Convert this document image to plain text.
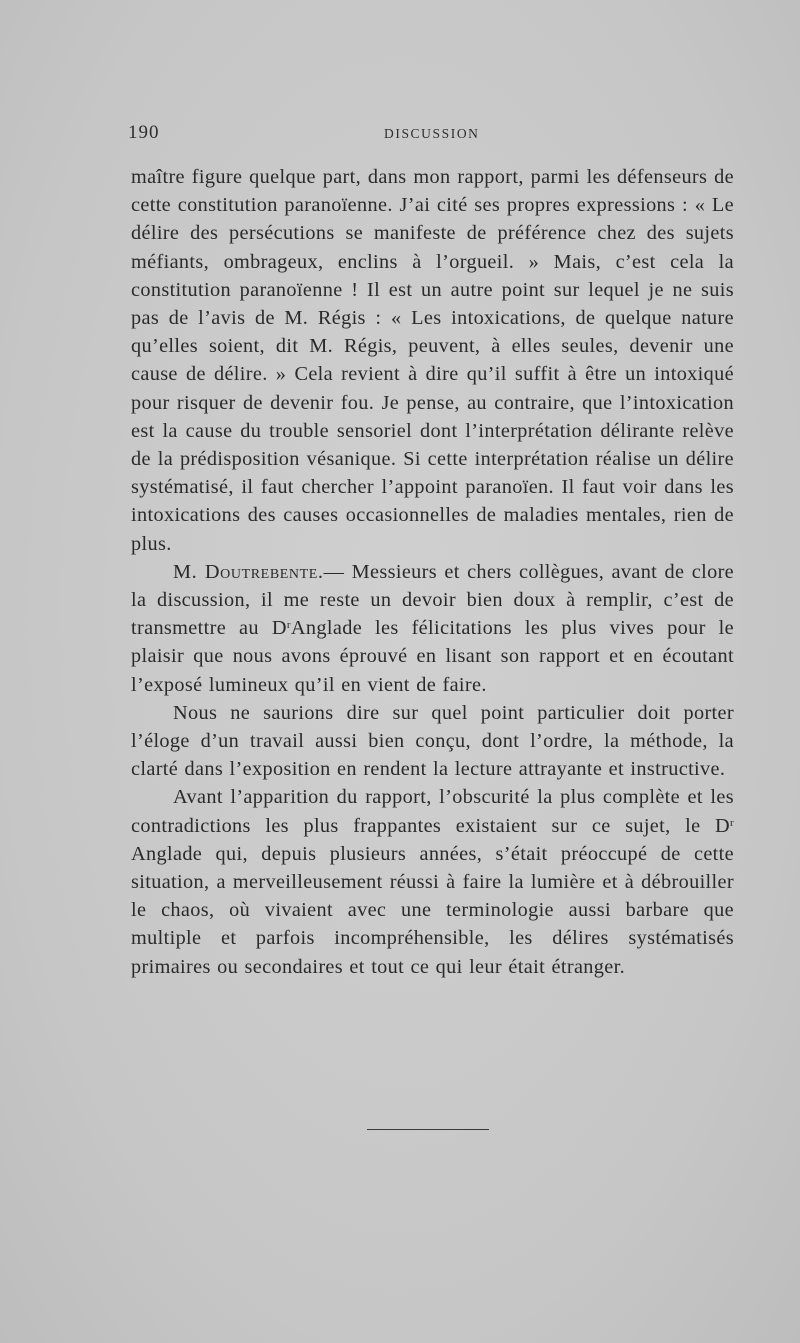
190	DISCUSSION

maître figure quelque part, dans mon rapport, parmi les défenseurs de cette constitution paranoïenne. J’ai cité ses propres expressions : « Le délire des persécutions se manifeste de préférence chez des sujets méfiants, ombrageux, enclins à l’orgueil. » Mais, c’est cela la constitution paranoïenne ! Il est un autre point sur lequel je ne suis pas de l’avis de M. Régis : « Les intoxications, de quelque nature qu’elles soient, dit M. Régis, peuvent, à elles seules, devenir une cause de délire. » Cela revient à dire qu’il suffit à être un intoxiqué pour risquer de devenir fou. Je pense, au contraire, que l’intoxication est la cause du trouble sensoriel dont l’interprétation délirante relève de la prédisposition vésanique. Si cette interprétation réalise un délire systématisé, il faut chercher l’appoint paranoïen. Il faut voir dans les intoxications des causes occasionnelles de maladies mentales, rien de plus.

M. Doutrebente.— Messieurs et chers collègues, avant de clore la discussion, il me reste un devoir bien doux à remplir, c’est de transmettre au $D^rAnglade$ les félicitations les plus vives pour le plaisir que nous avons éprouvé en lisant son rapport et en écoutant l’exposé lumineux qu’il en vient de faire.

Nous ne saurions dire sur quel point particulier doit porter l’éloge d’un travail aussi bien conçu, dont l’ordre, la méthode, la clarté dans l’exposition en rendent la lecture attrayante et instructive.

Avant l’apparition du rapport, l’obscurité la plus complète et les contradictions les plus frappantes existaient sur ce sujet, le $D^r$ Anglade qui, depuis plusieurs années, s’était préoccupé de cette situation, a merveilleusement réussi à faire la lumière et à débrouiller le chaos, où vivaient avec une terminologie aussi barbare que multiple et parfois incompréhensible, les délires systématisés primaires ou secondaires et tout ce qui leur était étranger.
